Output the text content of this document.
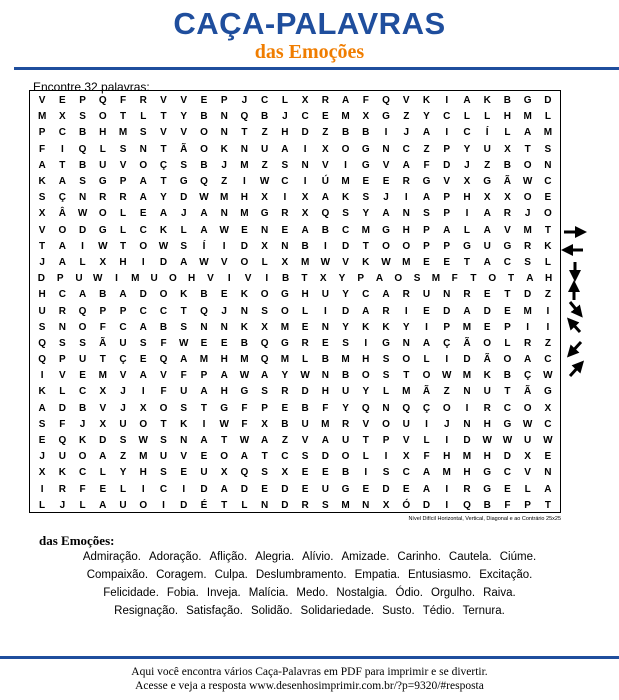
CAÇA-PALAVRAS
das Emoções
Encontre 32 palavras:
V	E	P	Q	F	R	V	V	E	P	J	C	L	X	R	A	F	Q	V	K	I	A	K	B	G	D
M	X	S	O	T	L	T	Y	B	N	Q	B	J	C	E	M	X	G	Z	Y	C	L	L	H	M	L
P	C	B	H	M	S	V	V	O	N	T	Z	H	D	Z	B	B	I	J	A	I	C	Í	L	A	M
F	I	Q	L	S	N	T	Ã	O	K	N	U	A	I	X	O	G	N	C	Z	P	Y	U	X	T	S
A	T	B	U	V	O	Ç	S	B	J	M	Z	S	N	V	I	G	V	A	F	D	J	Z	B	O	N
K	A	S	G	P	A	T	G	Q	Z	I	W	C	I	Ú	M	E	E	R	G	V	X	G	Ã	W	C
S	Ç	N	R	R	A	Y	D	W	M	H	X	I	X	A	K	S	J	I	A	P	H	X	X	O	E
X	Â	W	O	L	E	A	J	A	N	M	G	R	X	Q	S	Y	A	N	S	P	I	A	R	J	O
V	O	D	G	L	C	K	L	A	W	E	N	E	A	B	C	M	G	H	P	A	L	A	V	M	T
T	A	I	W	T	O	W	S	Í	I	D	X	N	B	I	D	T	O	O	P	P	G	U	G	R	K
J	A	L	X	H	I	D	A	W	V	O	L	X	M	W	V	K	W	M	E	E	T	A	C	S	L
D	P	U	W	I	M	U	O	H	V	I	V	I	B	T	X	Y	P	A	O	S	M	F	T	O	T	A	H
H	C	A	B	A	D	O	K	B	E	K	O	G	H	U	Y	C	A	R	U	N	R	E	T	D	Z
U	R	Q	P	P	C	C	T	Q	J	N	S	O	L	I	D	A	R	I	E	D	A	D	E	M	I
S	N	O	F	C	A	B	S	N	N	K	X	M	E	N	Y	K	K	Y	I	P	M	E	P	I	I
Q	S	S	Ã	U	S	F	W	E	E	B	Q	G	R	E	S	I	G	N	A	Ç	Ã	O	L	R	Z
Q	P	U	T	Ç	E	Q	A	M	H	M	Q	M	L	B	M	H	S	O	L	I	D	Ã	O	A	C
I	V	E	M	V	A	V	F	P	A	W	A	Y	W	N	B	O	S	T	O	W	M	K	B	Ç	W
K	L	C	X	J	I	F	U	A	H	G	S	R	D	H	U	Y	L	M	Ã	Z	N	U	T	Ã	G
A	D	B	V	J	X	O	S	T	G	F	P	E	B	F	Y	Q	N	Q	Ç	O	I	R	C	O	X
S	F	J	X	U	O	T	K	I	W	F	X	B	U	M	R	V	O	U	I	J	N	H	G	W	C
E	Q	K	D	S	W	S	N	A	T	W	A	Z	V	A	U	T	P	V	L	I	D	W	W	U	W
J	U	O	A	Z	M	U	V	E	O	A	T	C	S	D	O	L	I	X	F	H	M	H	D	X	E
X	K	C	L	Y	H	S	E	U	X	Q	S	X	E	E	B	I	S	C	A	M	H	G	C	V	N
I	R	F	E	L	I	C	I	D	A	D	E	D	E	U	G	E	D	E	A	I	R	G	E	L	A
L	J	L	A	U	O	I	D	É	T	L	N	D	R	S	M	N	X	Ó	D	I	Q	B	F	P	T
Nível Difícil Horizontal, Vertical, Diagonal e ao Contrário 25x25
das Emoções:
Admiração. Adoração. Aflição. Alegria. Alívio. Amizade. Carinho. Cautela. Ciúme.
Compaixão. Coragem. Culpa. Deslumbramento. Empatia. Entusiasmo. Excitação.
Felicidade. Fobia. Inveja. Malícia. Medo. Nostalgia. Ódio. Orgulho. Raiva.
Resignação. Satisfação. Solidão. Solidariedade. Susto. Tédio. Ternura.
Aqui você encontra vários Caça-Palavras em PDF para imprimir e se divertir.
Acesse e veja a resposta www.desenhosimprimir.com.br/?p=9320/#resposta
